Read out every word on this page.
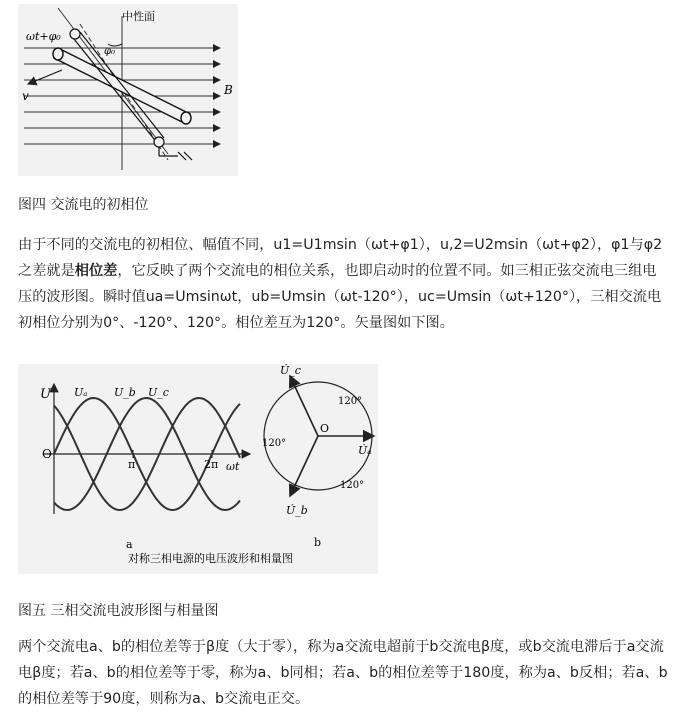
中性面
ωt+φ₀
φ₀
v	B
图四 交流电的初相位

由于不同的交流电的初相位、幅值不同，u1=U1msin（ωt+φ1），u,2=U2msin（ωt+φ2），φ1与φ2之差就是相位差，它反映了两个交流电的相位关系，也即启动时的位置不同。如三相正弦交流电三组电压的波形图。瞬时值ua=Umsinωt，ub=Umsin（ωt-120°），uc=Umsin（ωt+120°），三相交流电初相位分别为0°、-120°、120°。相位差互为120°。矢量图如下图。

U
O
Uₐ U_b U_c
π	2π ωt
a
O
U̇ₐ
U̇_c
U̇_b
120°
120°
120°
b
对称三相电源的电压波形和相量图
图五 三相交流电波形图与相量图

两个交流电a、b的相位差等于β度（大于零），称为a交流电超前于b交流电β度，或b交流电滞后于a交流电β度；若a、b的相位差等于零，称为a、b同相；若a、b的相位差等于180度，称为a、b反相；若a、b的相位差等于90度，则称为a、b交流电正交。
